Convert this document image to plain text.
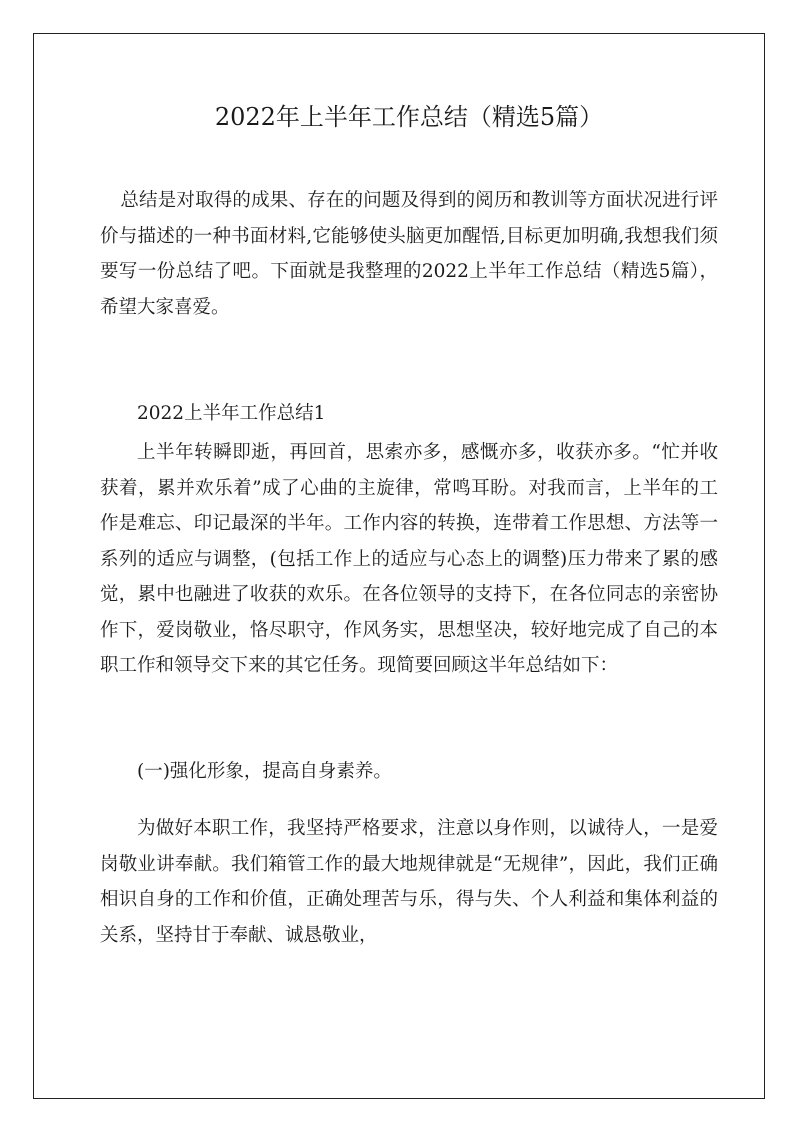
2022年上半年工作总结（精选5篇）

总结是对取得的成果、存在的问题及得到的阅历和教训等方面状况进行评价与描述的一种书面材料,它能够使头脑更加醒悟,目标更加明确,我想我们须要写一份总结了吧。下面就是我整理的2022上半年工作总结（精选5篇），希望大家喜爱。

2022上半年工作总结1

上半年转瞬即逝，再回首，思索亦多，感慨亦多，收获亦多。“忙并收获着，累并欢乐着”成了心曲的主旋律，常鸣耳盼。对我而言，上半年的工作是难忘、印记最深的半年。工作内容的转换，连带着工作思想、方法等一系列的适应与调整，(包括工作上的适应与心态上的调整)压力带来了累的感觉，累中也融进了收获的欢乐。在各位领导的支持下，在各位同志的亲密协作下，爱岗敬业，恪尽职守，作风务实，思想坚决，较好地完成了自己的本职工作和领导交下来的其它任务。现简要回顾这半年总结如下：

(一)强化形象，提高自身素养。

为做好本职工作，我坚持严格要求，注意以身作则，以诚待人，一是爱岗敬业讲奉献。我们箱管工作的最大地规律就是“无规律”，因此，我们正确相识自身的工作和价值，正确处理苦与乐，得与失、个人利益和集体利益的关系，坚持甘于奉献、诚恳敬业，
